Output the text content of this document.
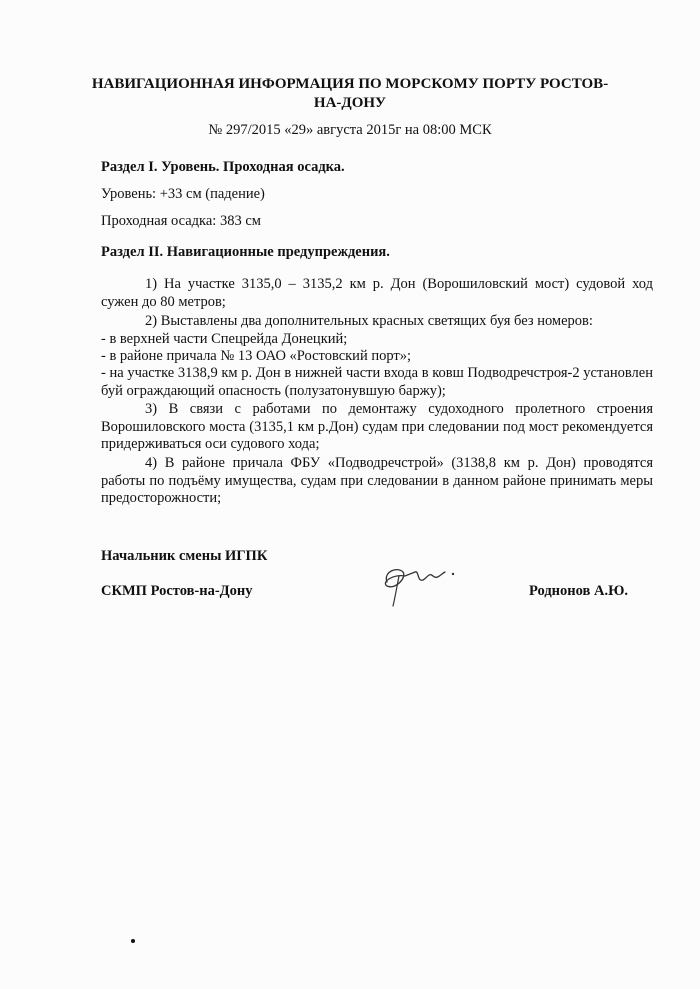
НАВИГАЦИОННАЯ ИНФОРМАЦИЯ ПО МОРСКОМУ ПОРТУ РОСТОВ-НА-ДОНУ
№ 297/2015 «29» августа 2015г на 08:00 МСК
Раздел I. Уровень. Проходная осадка.
Уровень: +33 см (падение)
Проходная осадка: 383 см
Раздел II. Навигационные предупреждения.
1) На участке 3135,0 – 3135,2 км р. Дон (Ворошиловский мост) судовой ход сужен до 80 метров;
2) Выставлены два дополнительных красных светящих буя без номеров:
- в верхней части Спецрейда Донецкий;
- в районе причала № 13 ОАО «Ростовский порт»;
- на участке 3138,9 км р. Дон в нижней части входа в ковш Подводречстроя-2 установлен буй ограждающий опасность (полузатонувшую баржу);
3) В связи с работами по демонтажу судоходного пролетного строения Ворошиловского моста (3135,1 км р.Дон) судам при следовании под мост рекомендуется придерживаться оси судового хода;
4) В районе причала ФБУ «Подводречстрой» (3138,8 км р. Дон) проводятся работы по подъёму имущества, судам при следовании в данном районе принимать меры предосторожности;
Начальник смены ИГПК
СКМП Ростов-на-Дону	Роднонов А.Ю.
